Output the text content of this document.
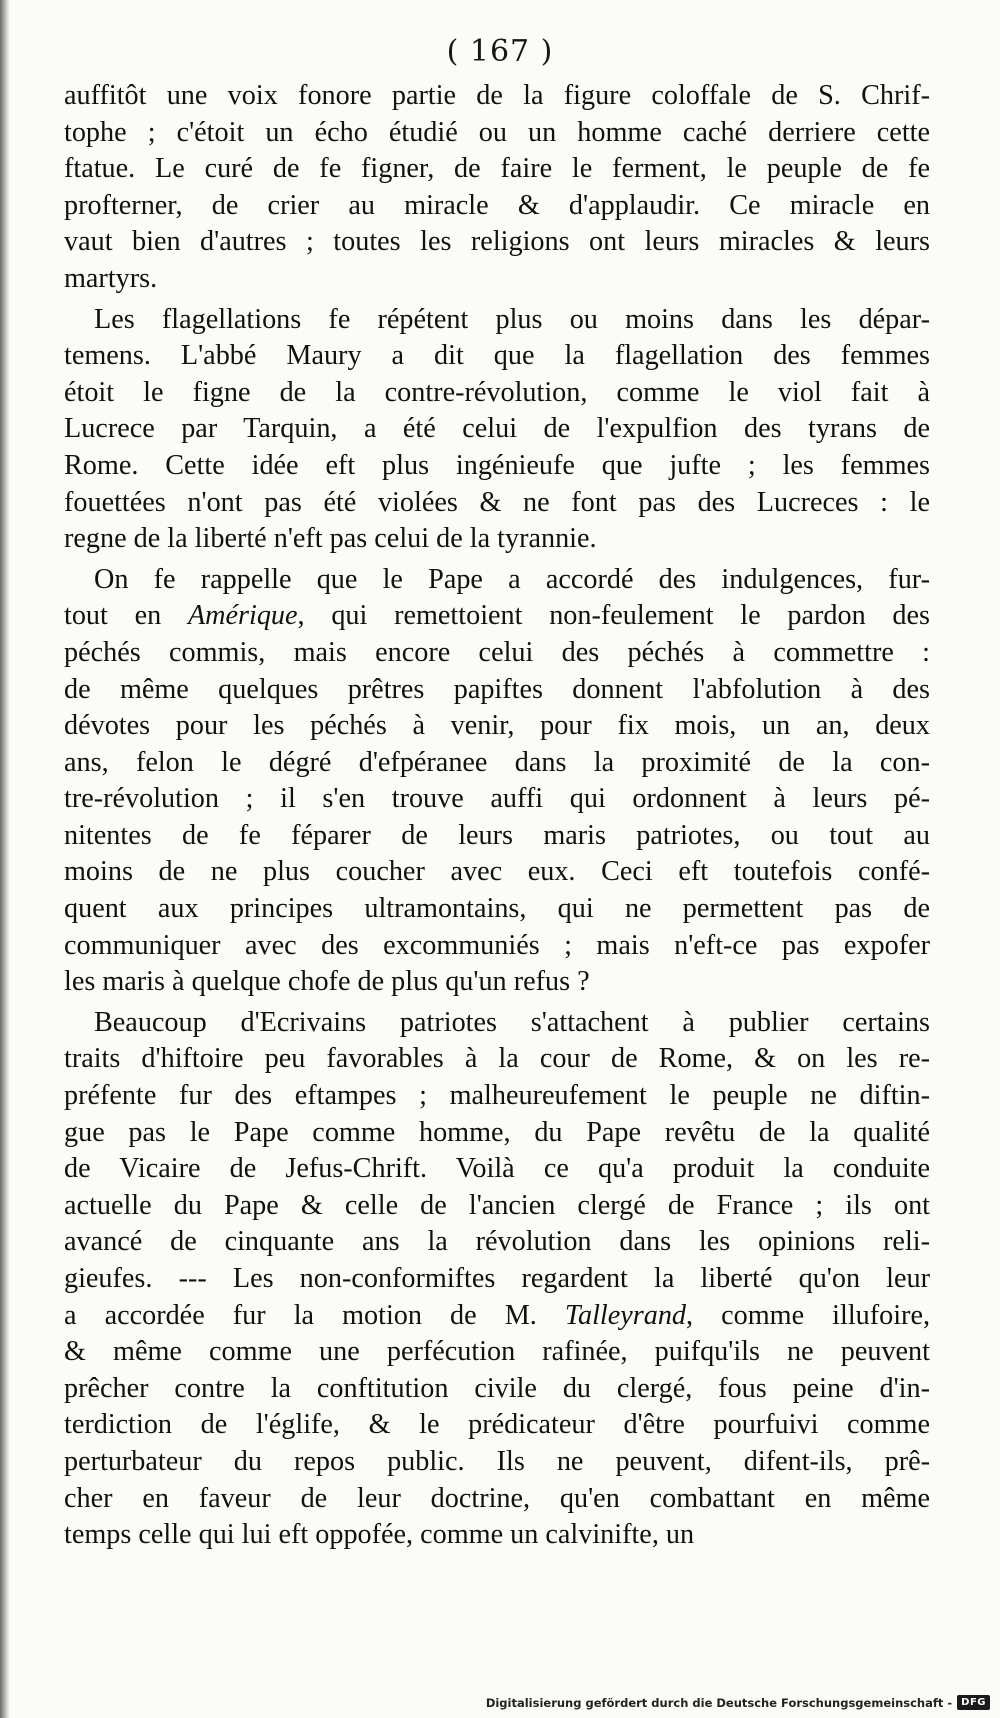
( 167 )

auffitôt une voix fonore partie de la figure coloffale de S. Chrif-
tophe ; c'étoit un écho étudié ou un homme caché derriere cette
ftatue. Le curé de fe figner, de faire le ferment, le peuple de fe
profterner, de crier au miracle & d'applaudir. Ce miracle en
vaut bien d'autres ; toutes les religions ont leurs miracles & leurs
martyrs.

Les flagellations fe répétent plus ou moins dans les dépar-
temens. L'abbé Maury a dit que la flagellation des femmes
étoit le figne de la contre-révolution, comme le viol fait à
Lucrece par Tarquin, a été celui de l'expulfion des tyrans de
Rome. Cette idée eft plus ingénieufe que jufte ; les femmes
fouettées n'ont pas été violées & ne font pas des Lucreces : le
regne de la liberté n'eft pas celui de la tyrannie.

On fe rappelle que le Pape a accordé des indulgences, fur-
tout en Amérique, qui remettoient non-feulement le pardon des
péchés commis, mais encore celui des péchés à commettre :
de même quelques prêtres papiftes donnent l'abfolution à des
dévotes pour les péchés à venir, pour fix mois, un an, deux
ans, felon le dégré d'efpéranee dans la proximité de la con-
tre-révolution ; il s'en trouve auffi qui ordonnent à leurs pé-
nitentes de fe féparer de leurs maris patriotes, ou tout au
moins de ne plus coucher avec eux. Ceci eft toutefois confé-
quent aux principes ultramontains, qui ne permettent pas de
communiquer avec des excommuniés ; mais n'eft-ce pas expofer
les maris à quelque chofe de plus qu'un refus ?

Beaucoup d'Ecrivains patriotes s'attachent à publier certains
traits d'hiftoire peu favorables à la cour de Rome, & on les re-
préfente fur des eftampes ; malheureufement le peuple ne diftin-
gue pas le Pape comme homme, du Pape revêtu de la qualité
de Vicaire de Jefus-Chrift. Voilà ce qu'a produit la conduite
actuelle du Pape & celle de l'ancien clergé de France ; ils ont
avancé de cinquante ans la révolution dans les opinions reli-
gieufes. --- Les non-conformiftes regardent la liberté qu'on leur
a accordée fur la motion de M. Talleyrand, comme illufoire,
& même comme une perfécution rafinée, puifqu'ils ne peuvent
prêcher contre la conftitution civile du clergé, fous peine d'in-
terdiction de l'églife, & le prédicateur d'être pourfuivi comme
perturbateur du repos public. Ils ne peuvent, difent-ils, prê-
cher en faveur de leur doctrine, qu'en combattant en même
temps celle qui lui eft oppofée, comme un calvinifte, un

Digitalisierung gefördert durch die Deutsche Forschungsgemeinschaft - DFG
